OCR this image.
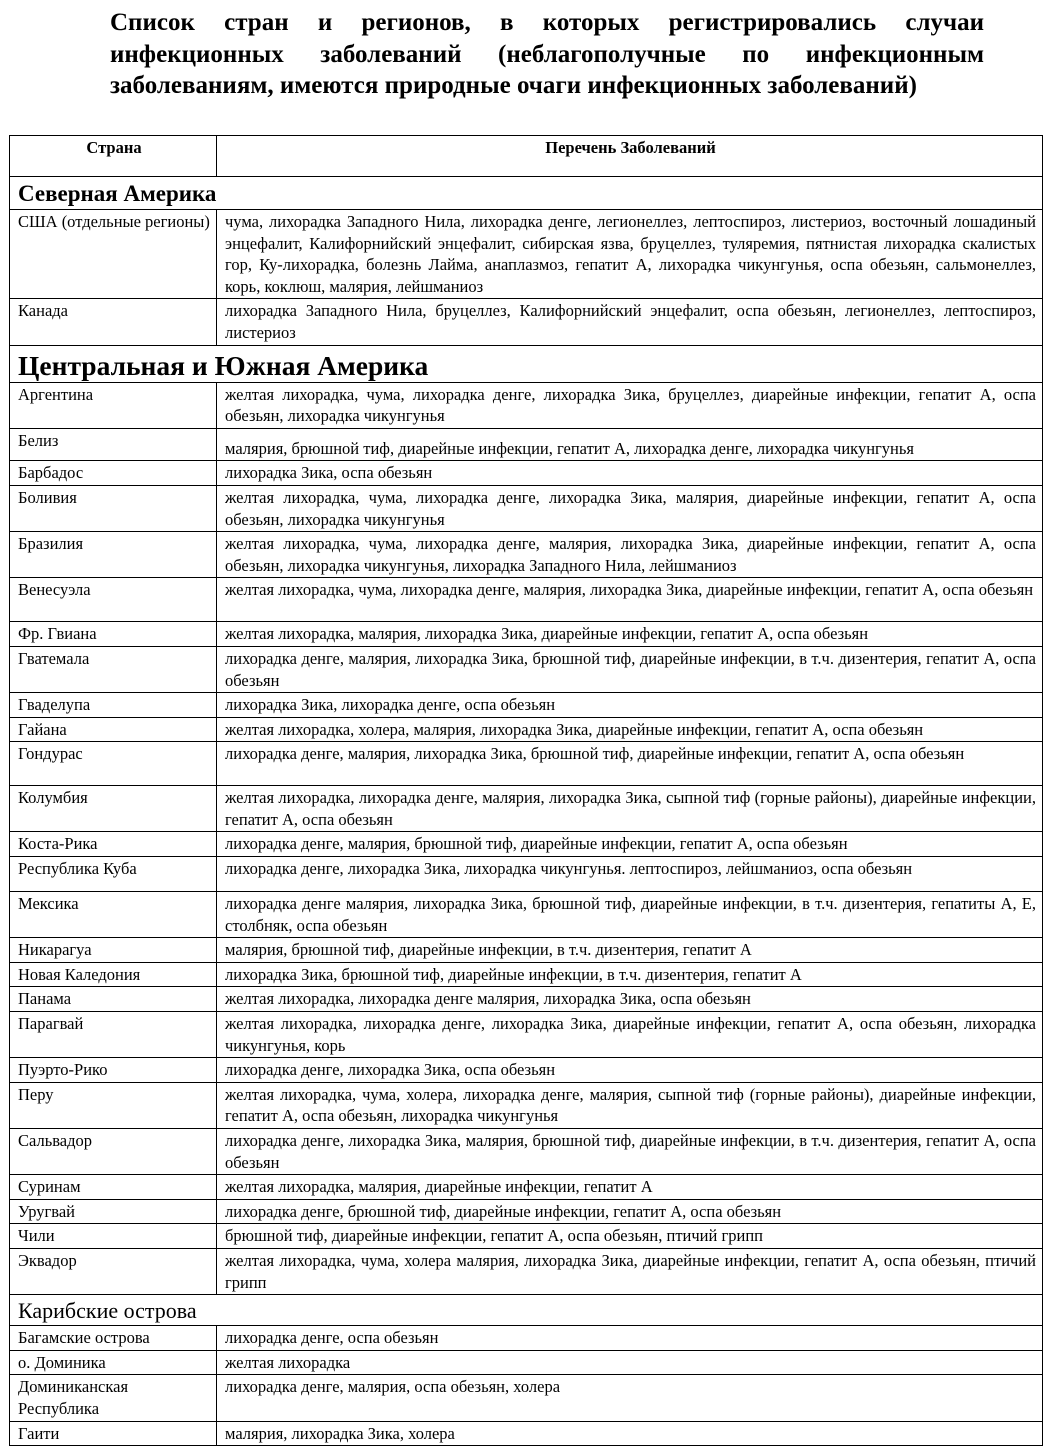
Список стран и регионов, в которых регистрировались случаи инфекционных заболеваний (неблагополучные по инфекционным заболеваниям, имеются природные очаги инфекционных заболеваний)

Страна	Перечень Заболеваний
Северная Америка	
США (отдельные регионы)	чума, лихорадка Западного Нила, лихорадка денге, легионеллез, лептоспироз, листериоз, восточный лошадиный энцефалит, Калифорнийский энцефалит, сибирская язва, бруцеллез, туляремия, пятнистая лихорадка скалистых гор, Ку-лихорадка, болезнь Лайма, анаплазмоз, гепатит А, лихорадка чикунгунья, оспа обезьян, сальмонеллез, корь, коклюш, малярия, лейшманиоз
Канада	лихорадка Западного Нила, бруцеллез, Калифорнийский энцефалит, оспа обезьян, легионеллез, лептоспироз, листериоз
Центральная и Южная Америка	
Аргентина	желтая лихорадка, чума, лихорадка денге, лихорадка Зика, бруцеллез, диарейные инфекции, гепатит А, оспа обезьян, лихорадка чикунгунья
Белиз	малярия, брюшной тиф, диарейные инфекции, гепатит А, лихорадка денге, лихорадка чикунгунья
Барбадос	лихорадка Зика, оспа обезьян
Боливия	желтая лихорадка, чума, лихорадка денге, лихорадка Зика, малярия, диарейные инфекции, гепатит А, оспа обезьян, лихорадка чикунгунья
Бразилия	желтая лихорадка, чума, лихорадка денге, малярия, лихорадка Зика, диарейные инфекции, гепатит А, оспа обезьян, лихорадка чикунгунья, лихорадка Западного Нила, лейшманиоз
Венесуэла	желтая лихорадка, чума, лихорадка денге, малярия, лихорадка Зика, диарейные инфекции, гепатит А, оспа обезьян
Фр. Гвиана	желтая лихорадка, малярия, лихорадка Зика, диарейные инфекции, гепатит А, оспа обезьян
Гватемала	лихорадка денге, малярия, лихорадка Зика, брюшной тиф, диарейные инфекции, в т.ч. дизентерия, гепатит А, оспа обезьян
Гваделупа	лихорадка Зика, лихорадка денге, оспа обезьян
Гайана	желтая лихорадка, холера, малярия, лихорадка Зика, диарейные инфекции, гепатит А, оспа обезьян
Гондурас	лихорадка денге, малярия, лихорадка Зика, брюшной тиф, диарейные инфекции, гепатит А, оспа обезьян
Колумбия	желтая лихорадка, лихорадка денге, малярия, лихорадка Зика, сыпной тиф (горные районы), диарейные инфекции, гепатит А, оспа обезьян
Коста-Рика	лихорадка денге, малярия, брюшной тиф, диарейные инфекции, гепатит А, оспа обезьян
Республика Куба	лихорадка денге, лихорадка Зика, лихорадка чикунгунья. лептоспироз, лейшманиоз, оспа обезьян
Мексика	лихорадка денге малярия, лихорадка Зика, брюшной тиф, диарейные инфекции, в т.ч. дизентерия, гепатиты А, Е, столбняк, оспа обезьян
Никарагуа	малярия, брюшной тиф, диарейные инфекции, в т.ч. дизентерия, гепатит А
Новая Каледония	лихорадка Зика, брюшной тиф, диарейные инфекции, в т.ч. дизентерия, гепатит А
Панама	желтая лихорадка, лихорадка денге малярия, лихорадка Зика, оспа обезьян
Парагвай	желтая лихорадка, лихорадка денге, лихорадка Зика, диарейные инфекции, гепатит А, оспа обезьян, лихорадка чикунгунья, корь
Пуэрто-Рико	лихорадка денге, лихорадка Зика, оспа обезьян
Перу	желтая лихорадка, чума, холера, лихорадка денге, малярия, сыпной тиф (горные районы), диарейные инфекции, гепатит А, оспа обезьян, лихорадка чикунгунья
Сальвадор	лихорадка денге, лихорадка Зика, малярия, брюшной тиф, диарейные инфекции, в т.ч. дизентерия, гепатит А, оспа обезьян
Суринам	желтая лихорадка, малярия, диарейные инфекции, гепатит А
Уругвай	лихорадка денге, брюшной тиф, диарейные инфекции, гепатит А, оспа обезьян
Чили	брюшной тиф, диарейные инфекции, гепатит А, оспа обезьян, птичий грипп
Эквадор	желтая лихорадка, чума, холера малярия, лихорадка Зика, диарейные инфекции, гепатит А, оспа обезьян, птичий грипп
Карибские острова	
Багамские острова	лихорадка денге, оспа обезьян
о. Доминика	желтая лихорадка
Доминиканская Республика	лихорадка денге, малярия, оспа обезьян, холера
Гаити	малярия, лихорадка Зика, холера
